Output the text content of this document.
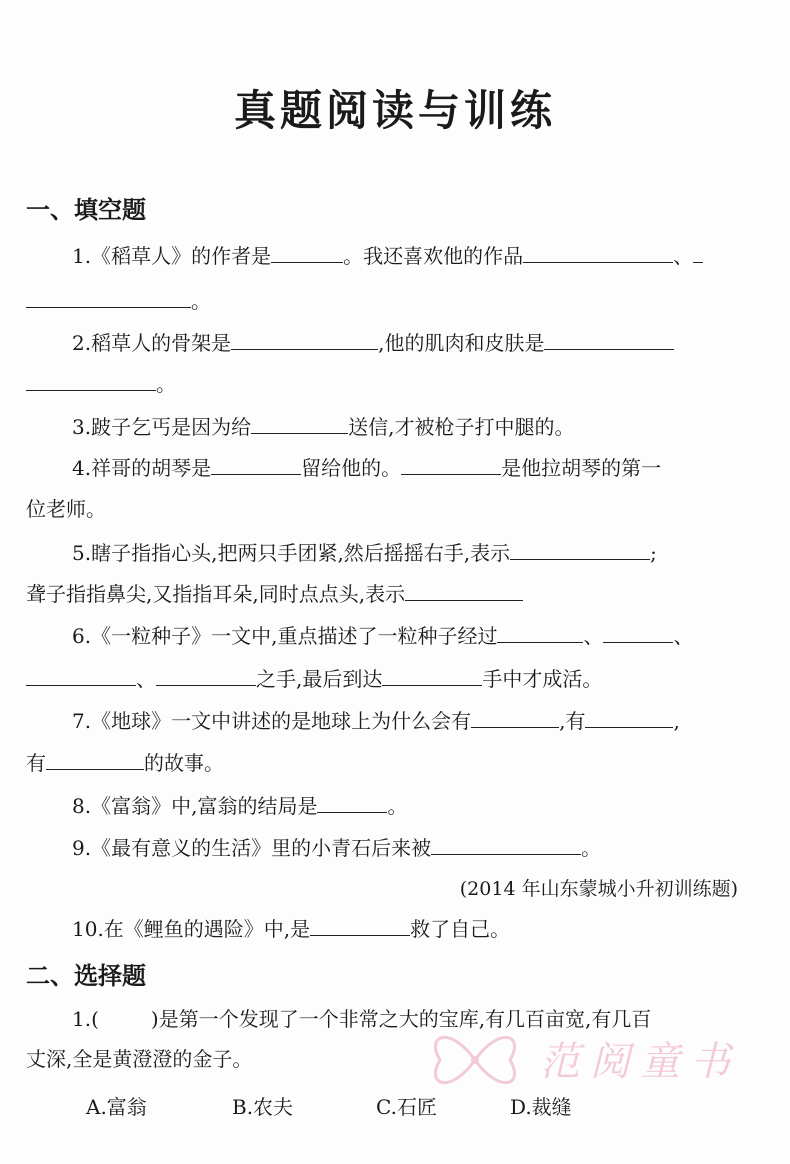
真题阅读与训练
一、填空题
1.《稻草人》的作者是	。我还喜欢他的作品	、
。
2.稻草人的骨架是	,他的肌肉和皮肤是
。
3.跛子乞丐是因为给	送信,才被枪子打中腿的。
4.祥哥的胡琴是	留给他的。	是他拉胡琴的第一
位老师。
5.瞎子指指心头,把两只手团紧,然后摇摇右手,表示	;
聋子指指鼻尖,又指指耳朵,同时点点头,表示
6.《一粒种子》一文中,重点描述了一粒种子经过	、	、
、	之手,最后到达	手中才成活。
7.《地球》一文中讲述的是地球上为什么会有	,有	,
有	的故事。
8.《富翁》中,富翁的结局是	。
9.《最有意义的生活》里的小青石后来被	。
(2014 年山东蒙城小升初训练题)
10.在《鲤鱼的遇险》中,是	救了自己。
二、选择题
1.(	)是第一个发现了一个非常之大的宝库,有几百亩宽,有几百
丈深,全是黄澄澄的金子。
A.富翁	B.农夫	C.石匠	D.裁缝
范阅童书
